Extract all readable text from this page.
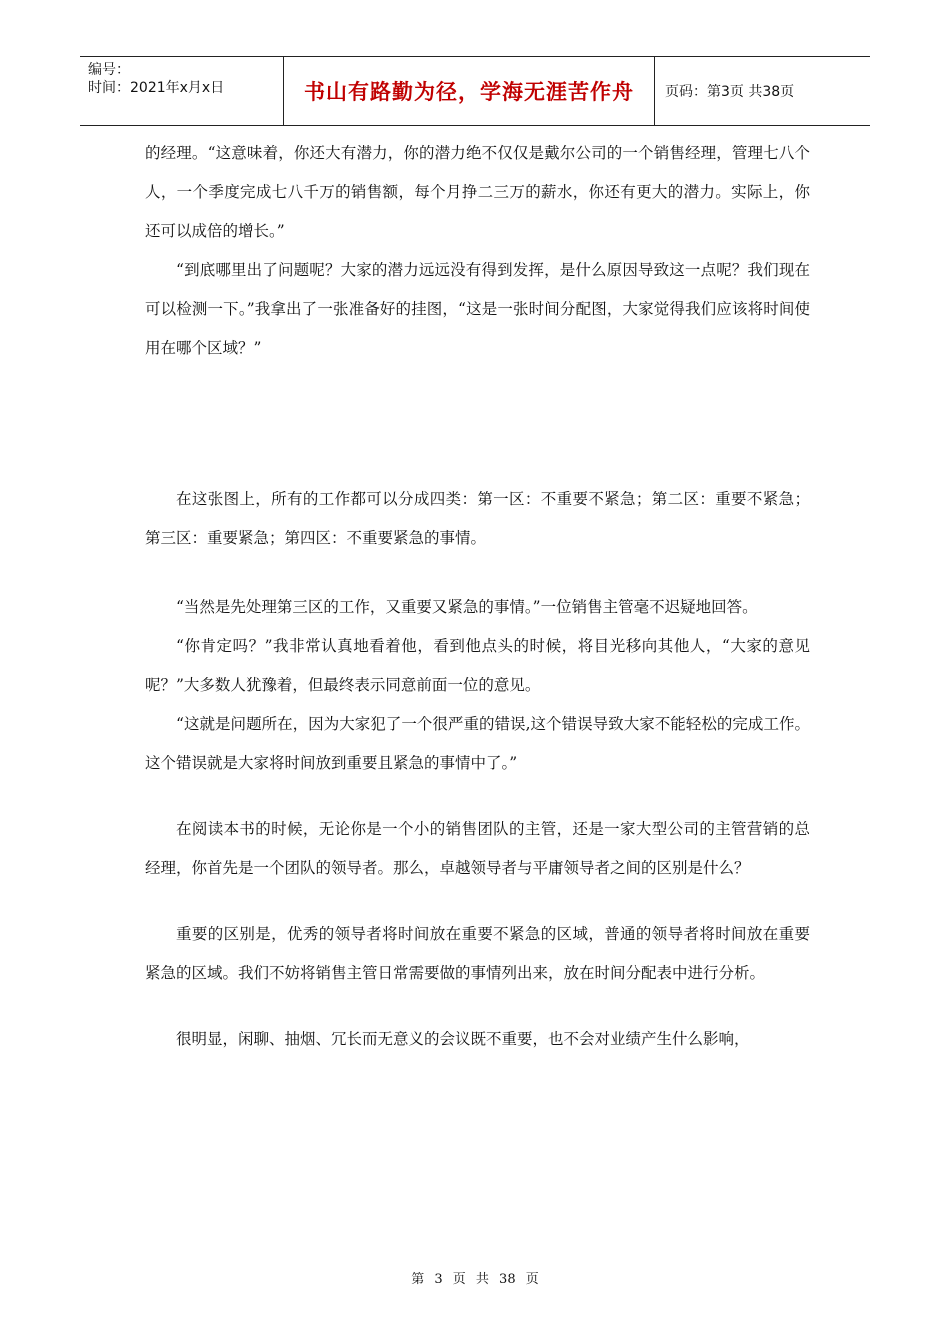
编号：
时间：2021年x月x日	书山有路勤为径，学海无涯苦作舟	页码：第3页 共38页

的经理。“这意味着，你还大有潜力，你的潜力绝不仅仅是戴尔公司的一个销售经理，管理七八个人，一个季度完成七八千万的销售额，每个月挣二三万的薪水，你还有更大的潜力。实际上，你还可以成倍的增长。”

“到底哪里出了问题呢？大家的潜力远远没有得到发挥，是什么原因导致这一点呢？我们现在可以检测一下。”我拿出了一张准备好的挂图，“这是一张时间分配图，大家觉得我们应该将时间使用在哪个区域？”

在这张图上，所有的工作都可以分成四类：第一区：不重要不紧急；第二区：重要不紧急；第三区：重要紧急；第四区：不重要紧急的事情。

“当然是先处理第三区的工作，又重要又紧急的事情。”一位销售主管毫不迟疑地回答。

“你肯定吗？”我非常认真地看着他，看到他点头的时候，将目光移向其他人，“大家的意见呢？”大多数人犹豫着，但最终表示同意前面一位的意见。

“这就是问题所在，因为大家犯了一个很严重的错误,这个错误导致大家不能轻松的完成工作。这个错误就是大家将时间放到重要且紧急的事情中了。”

在阅读本书的时候，无论你是一个小的销售团队的主管，还是一家大型公司的主管营销的总经理，你首先是一个团队的领导者。那么，卓越领导者与平庸领导者之间的区别是什么？

重要的区别是，优秀的领导者将时间放在重要不紧急的区域，普通的领导者将时间放在重要紧急的区域。我们不妨将销售主管日常需要做的事情列出来，放在时间分配表中进行分析。

很明显，闲聊、抽烟、冗长而无意义的会议既不重要，也不会对业绩产生什么影响，

第 3 页 共 38 页
